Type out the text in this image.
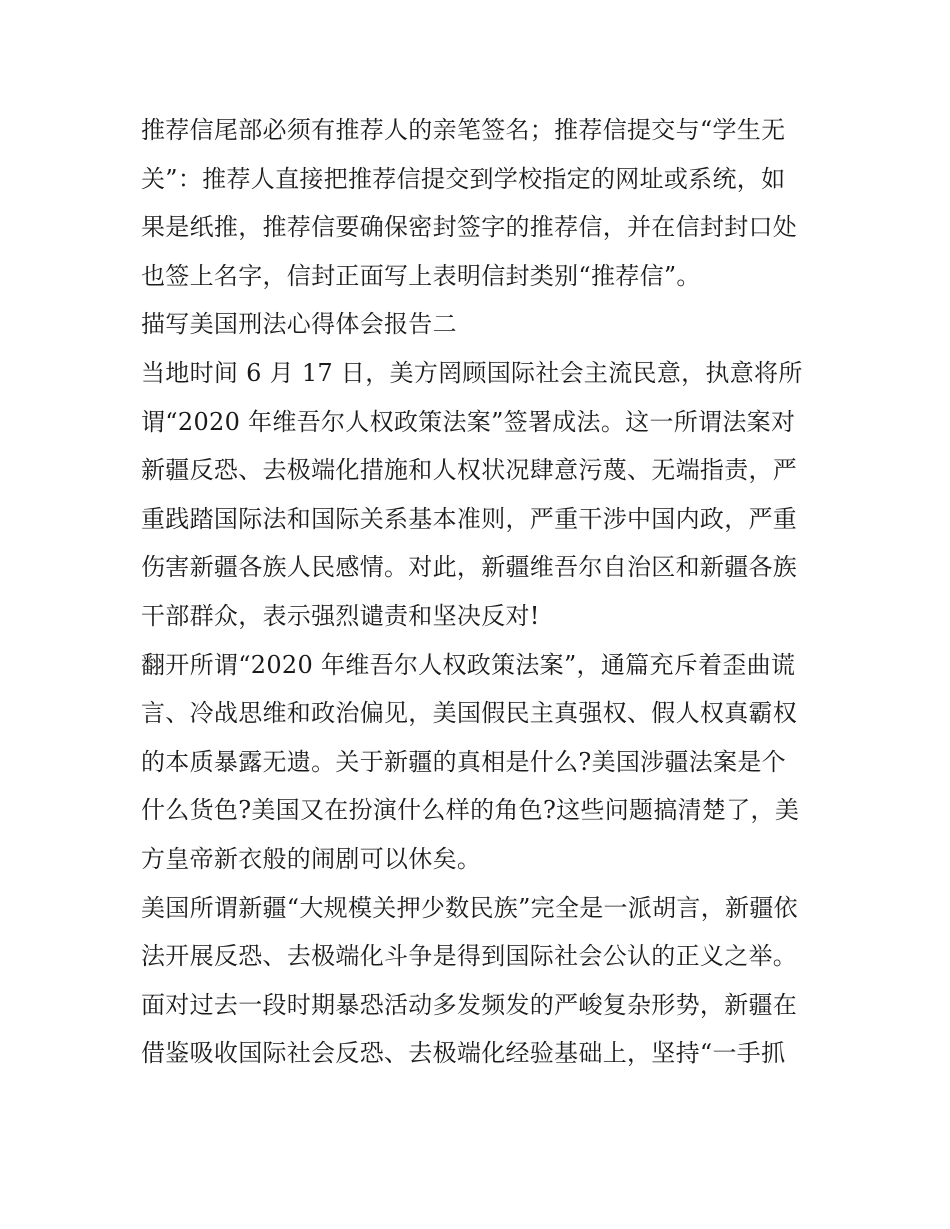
推荐信尾部必须有推荐人的亲笔签名；推荐信提交与“学生无
关”：推荐人直接把推荐信提交到学校指定的网址或系统，如
果是纸推，推荐信要确保密封签字的推荐信，并在信封封口处
也签上名字，信封正面写上表明信封类别“推荐信”。

描写美国刑法心得体会报告二

当地时间 6 月 17 日，美方罔顾国际社会主流民意，执意将所
谓“2020 年维吾尔人权政策法案”签署成法。这一所谓法案对
新疆反恐、去极端化措施和人权状况肆意污蔑、无端指责，严
重践踏国际法和国际关系基本准则，严重干涉中国内政，严重
伤害新疆各族人民感情。对此，新疆维吾尔自治区和新疆各族
干部群众，表示强烈谴责和坚决反对!

翻开所谓“2020 年维吾尔人权政策法案”，通篇充斥着歪曲谎
言、冷战思维和政治偏见，美国假民主真强权、假人权真霸权
的本质暴露无遗。关于新疆的真相是什么?美国涉疆法案是个
什么货色?美国又在扮演什么样的角色?这些问题搞清楚了，美
方皇帝新衣般的闹剧可以休矣。

美国所谓新疆“大规模关押少数民族”完全是一派胡言，新疆依
法开展反恐、去极端化斗争是得到国际社会公认的正义之举。
面对过去一段时期暴恐活动多发频发的严峻复杂形势，新疆在
借鉴吸收国际社会反恐、去极端化经验基础上，坚持“一手抓
